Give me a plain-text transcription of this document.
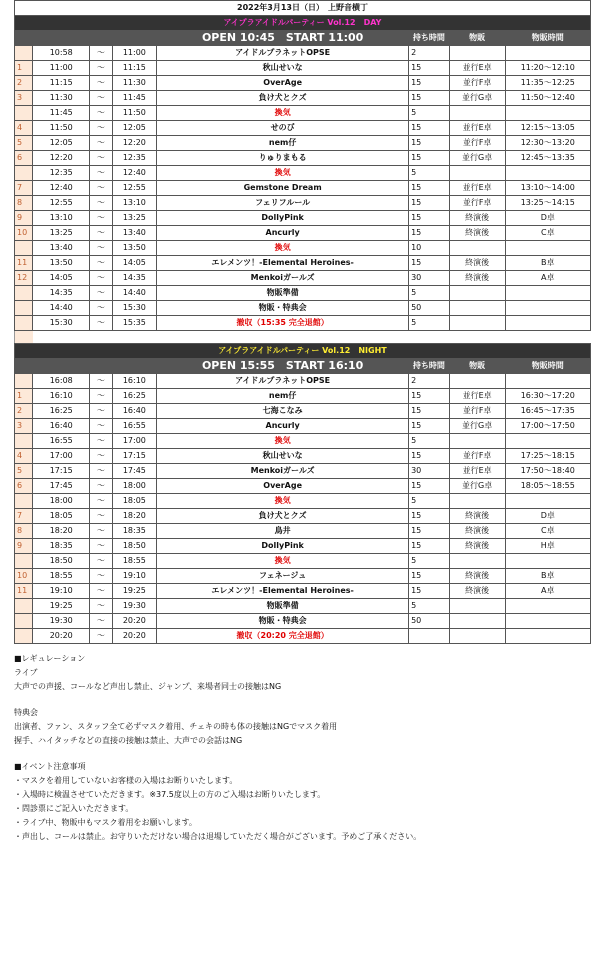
2022年3月13日（日）　上野音横丁							
アイプラアイドルパーティー Vol.12　DAY							
				OPEN 10:45　START 11:00	持ち時間	物販	物販時間
	10:58	～	11:00	アイドルプラネットOPSE	2		
1	11:00	～	11:15	秋山せいな	15	並行E卓	11:20～12:10
2	11:15	～	11:30	OverAge	15	並行F卓	11:35～12:25
3	11:30	～	11:45	負け犬とクズ	15	並行G卓	11:50～12:40
	11:45	～	11:50	換気	5		
4	11:50	～	12:05	せのび	15	並行E卓	12:15～13:05
5	12:05	～	12:20	nem仔	15	並行F卓	12:30～13:20
6	12:20	～	12:35	りゅりまもる	15	並行G卓	12:45～13:35
	12:35	～	12:40	換気	5		
7	12:40	～	12:55	Gemstone Dream	15	並行E卓	13:10～14:00
8	12:55	～	13:10	フェリフルール	15	並行F卓	13:25～14:15
9	13:10	～	13:25	DollyPink	15	終演後	D卓
10	13:25	～	13:40	Ancurly	15	終演後	C卓
	13:40	～	13:50	換気	10		
11	13:50	～	14:05	エレメンツ！-Elemental Heroines-	15	終演後	B卓
12	14:05	～	14:35	Menkoiガールズ	30	終演後	A卓
	14:35	～	14:40	物販準備	5		
	14:40	～	15:30	物販・特典会	50		
	15:30	～	15:35	撤収（15:35 完全退館）	5		
アイプラアイドルパーティー Vol.12　NIGHT							
				OPEN 15:55　START 16:10	持ち時間	物販	物販時間
	16:08	～	16:10	アイドルプラネットOPSE	2		
1	16:10	～	16:25	nem仔	15	並行E卓	16:30～17:20
2	16:25	～	16:40	七海こなみ	15	並行F卓	16:45～17:35
3	16:40	～	16:55	Ancurly	15	並行G卓	17:00～17:50
	16:55	～	17:00	換気	5		
4	17:00	～	17:15	秋山せいな	15	並行F卓	17:25～18:15
5	17:15	～	17:45	Menkoiガールズ	30	並行E卓	17:50～18:40
6	17:45	～	18:00	OverAge	15	並行G卓	18:05～18:55
	18:00	～	18:05	換気	5		
7	18:05	～	18:20	負け犬とクズ	15	終演後	D卓
8	18:20	～	18:35	鳥井	15	終演後	C卓
9	18:35	～	18:50	DollyPink	15	終演後	H卓
	18:50	～	18:55	換気	5		
10	18:55	～	19:10	フェネージュ	15	終演後	B卓
11	19:10	～	19:25	エレメンツ！-Elemental Heroines-	15	終演後	A卓
	19:25	～	19:30	物販準備	5		
	19:30	～	20:20	物販・特典会	50		
	20:20	～	20:20	撤収（20:20 完全退館）			

■レギュレーション

ライブ

大声での声援、コールなど声出し禁止、ジャンプ、来場者同士の接触はNG

特典会

出演者、ファン、スタッフ全て必ずマスク着用、チェキの時も体の接触はNGでマスク着用

握手、ハイタッチなどの直接の接触は禁止、大声での会話はNG

■イベント注意事項

・マスクを着用していないお客様の入場はお断りいたします。

・入場時に検温させていただきます。※37.5度以上の方のご入場はお断りいたします。

・問診票にご記入いただきます。

・ライブ中、物販中もマスク着用をお願いします。

・声出し、コールは禁止。お守りいただけない場合は退場していただく場合がございます。予めご了承ください。
